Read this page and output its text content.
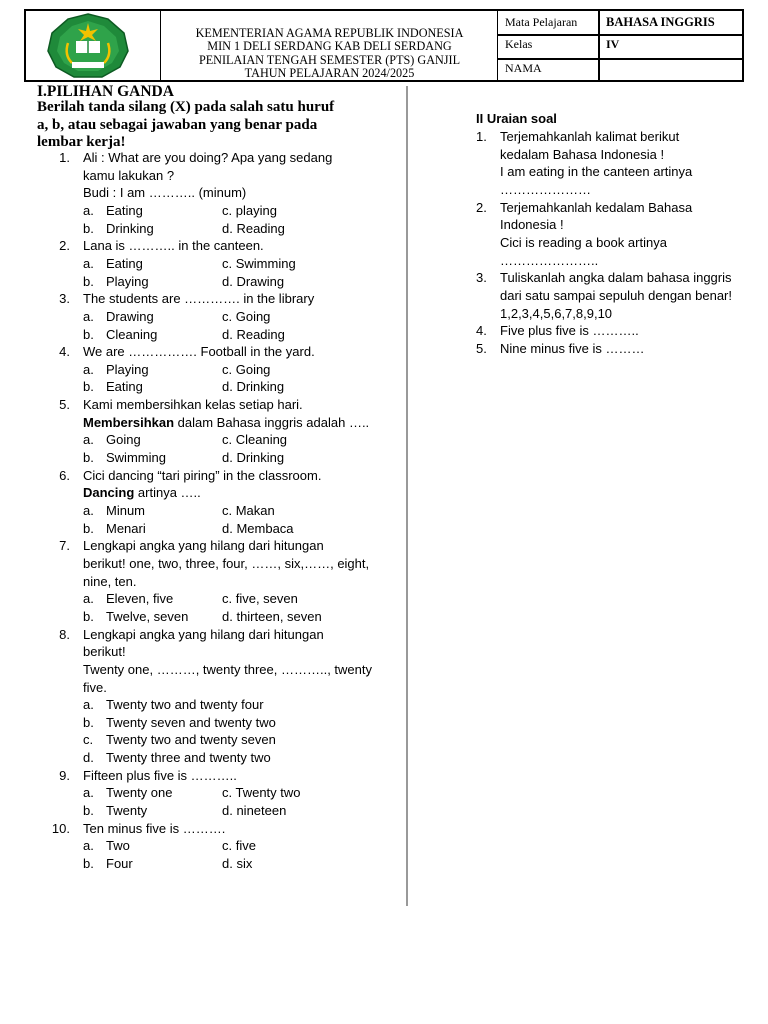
KEMENTERIAN AGAMA REPUBLIK INDONESIA
MIN 1 DELI SERDANG KAB DELI SERDANG
PENILAIAN TENGAH SEMESTER (PTS) GANJIL
TAHUN PELAJARAN 2024/2025
Mata Pelajaran BAHASA INGGRIS
Kelas	IV
NAMA
I.PILIHAN GANDA
Berilah tanda silang (X) pada salah satu huruf a, b, atau sebagai jawaban yang benar pada lembar kerja!
1. Ali : What are you doing? Apa yang sedang
kamu lakukan ?
Budi : I am ……….. (minum)
a. Eating	c. playing
b. Drinking	d. Reading
2. Lana is ……….. in the canteen.
a. Eating	c. Swimming
b. Playing	d. Drawing
3. The students are …………. in the library
a. Drawing	c. Going
b. Cleaning	d. Reading
4. We are ……………. Football in the yard.
a. Playing	c. Going
b. Eating	d. Drinking
5. Kami membersihkan kelas setiap hari.
Membersihkan dalam Bahasa inggris adalah …..
a. Going	c. Cleaning
b. Swimming	d. Drinking
6. Cici dancing “tari piring” in the classroom.
Dancing artinya …..
a. Minum	c. Makan
b. Menari	d. Membaca
7. Lengkapi angka yang hilang dari hitungan
berikut! one, two, three, four, ……, six,……, eight,
nine, ten.
a. Eleven, five	c. five, seven
b. Twelve, seven	d. thirteen, seven
8. Lengkapi angka yang hilang dari hitungan
berikut!
Twenty one, ………, twenty three, ……….., twenty
five.
a. Twenty two and twenty four
b. Twenty seven and twenty two
c. Twenty two and twenty seven
d. Twenty three and twenty two
9. Fifteen plus five is ………..
a. Twenty one	c. Twenty two
b. Twenty	d. nineteen
10. Ten minus five is ……….
a. Two	c. five
b. Four	d. six
II Uraian soal
1. Terjemahkanlah kalimat berikut
kedalam Bahasa Indonesia !
I am eating in the canteen artinya
…………………
2. Terjemahkanlah kedalam Bahasa
Indonesia !
Cici is reading a book artinya
…………………..
3. Tuliskanlah angka dalam bahasa inggris
dari satu sampai sepuluh dengan benar!
1,2,3,4,5,6,7,8,9,10
4. Five plus five is ………..
5. Nine minus five is ………
